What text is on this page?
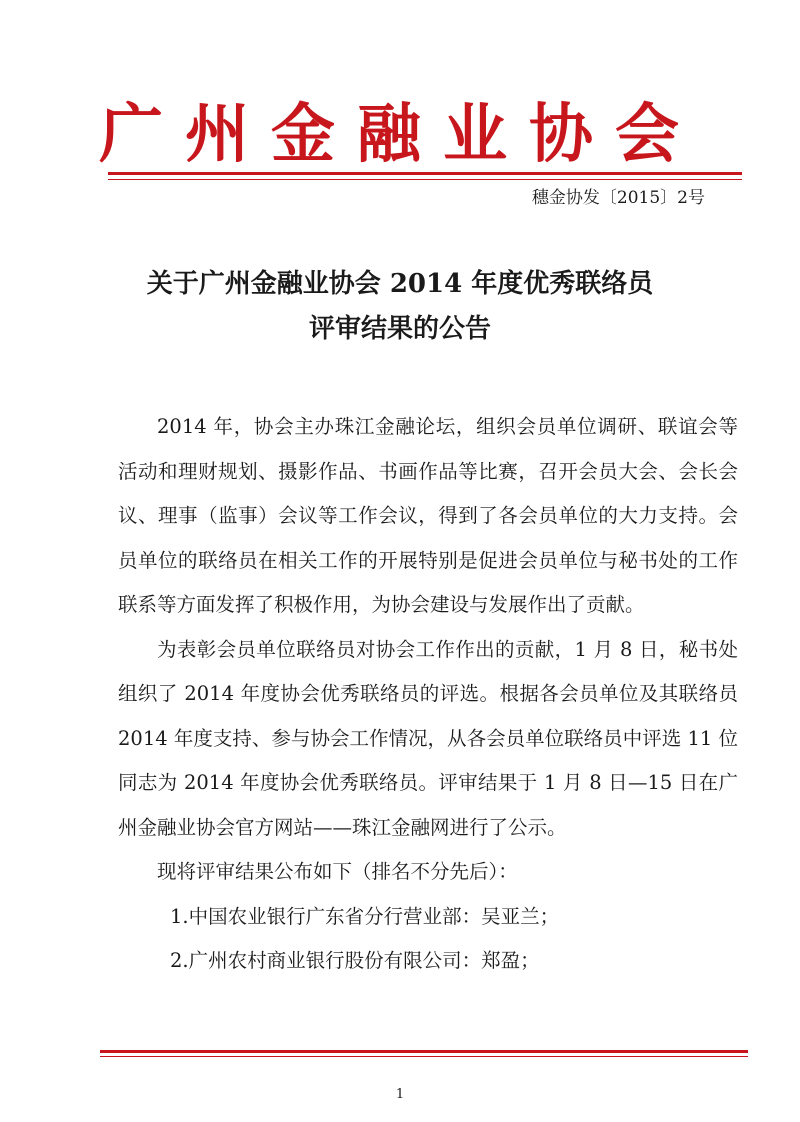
广州金融业协会
穗金协发〔2015〕2号
关于广州金融业协会 2014 年度优秀联络员
评审结果的公告

2014 年，协会主办珠江金融论坛，组织会员单位调研、联谊会等活动和理财规划、摄影作品、书画作品等比赛，召开会员大会、会长会议、理事（监事）会议等工作会议，得到了各会员单位的大力支持。会员单位的联络员在相关工作的开展特别是促进会员单位与秘书处的工作联系等方面发挥了积极作用，为协会建设与发展作出了贡献。

为表彰会员单位联络员对协会工作作出的贡献，1 月 8 日，秘书处组织了 2014 年度协会优秀联络员的评选。根据各会员单位及其联络员 2014 年度支持、参与协会工作情况，从各会员单位联络员中评选 11 位同志为 2014 年度协会优秀联络员。评审结果于 1 月 8 日—15 日在广州金融业协会官方网站——珠江金融网进行了公示。

现将评审结果公布如下（排名不分先后）：

1.中国农业银行广东省分行营业部：吴亚兰；

2.广州农村商业银行股份有限公司：郑盈；

1
